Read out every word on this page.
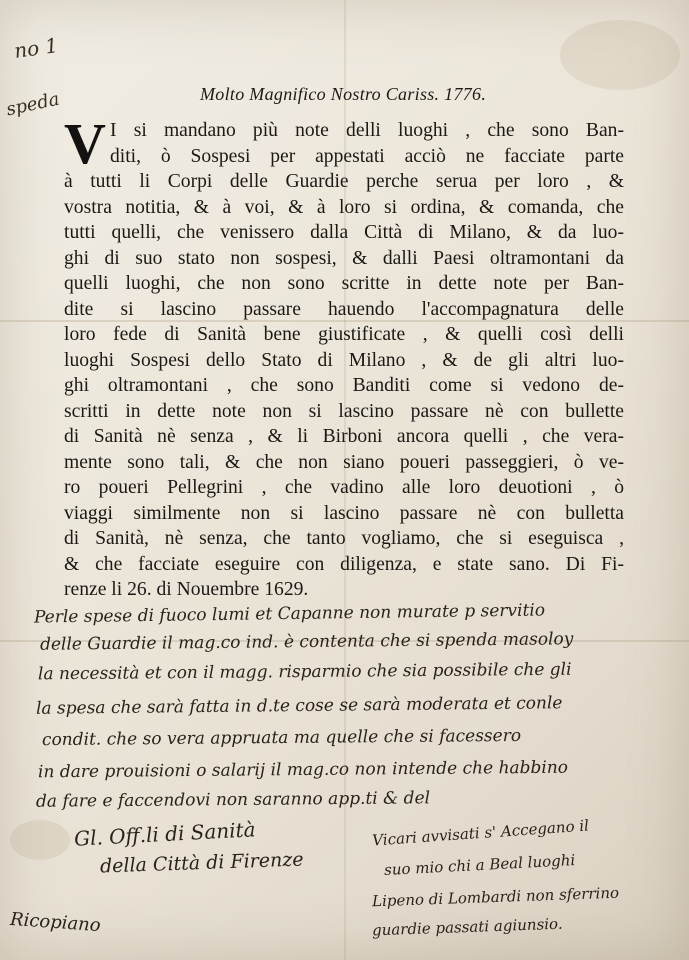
no 1
speda	Molto Magnifico Nostro Cariss. 1776.
V I si mandano più note delli luoghi , che sono Ban-
diti, ò Sospesi per appestati acciò ne facciate parte
à tutti li Corpi delle Guardie perche serua per loro , &
vostra notitia, & à voi, & à loro si ordina, & comanda, che
tutti quelli, che venissero dalla Città di Milano, & da luo-
ghi di suo stato non sospesi, & dalli Paesi oltramontani da
quelli luoghi, che non sono scritte in dette note per Ban-
dite si lascino passare hauendo l'accompagnatura delle
loro fede di Sanità bene giustificate , & quelli così delli
luoghi Sospesi dello Stato di Milano , & de gli altri luo-
ghi oltramontani , che sono Banditi come si vedono de-
scritti in dette note non si lascino passare nè con bullette
di Sanità nè senza , & li Birboni ancora quelli , che vera-
mente sono tali, & che non siano poueri passeggieri, ò ve-
ro poueri Pellegrini , che vadino alle loro deuotioni , ò
viaggi similmente non si lascino passare nè con bulletta
di Sanità, nè senza, che tanto vogliamo, che si eseguisca ,
& che facciate eseguire con diligenza, e state sano. Di Fi-
renze li 26. di Nouembre 1629.
Perle spese di fuoco lumi et Capanne non murate p servitio
delle Guardie il mag.co ind. è contenta che si spenda masoloy
la necessità et con il magg. risparmio che sia possibile che gli
la spesa che sarà fatta in d.te cose se sarà moderata et conle
condit. che so vera appruata ma quelle che si facessero
in dare prouisioni o salarij il mag.co non intende che habbino
da fare e faccendovi non saranno app.ti & del
Gl. Off.li di Sanità
della Città di Firenze
Vicari avvisati s' Accegano il
suo mio chi a Beal luoghi
Lipeno di Lombardi non sferrino
guardie passati agiunsio.
Ricopiano
